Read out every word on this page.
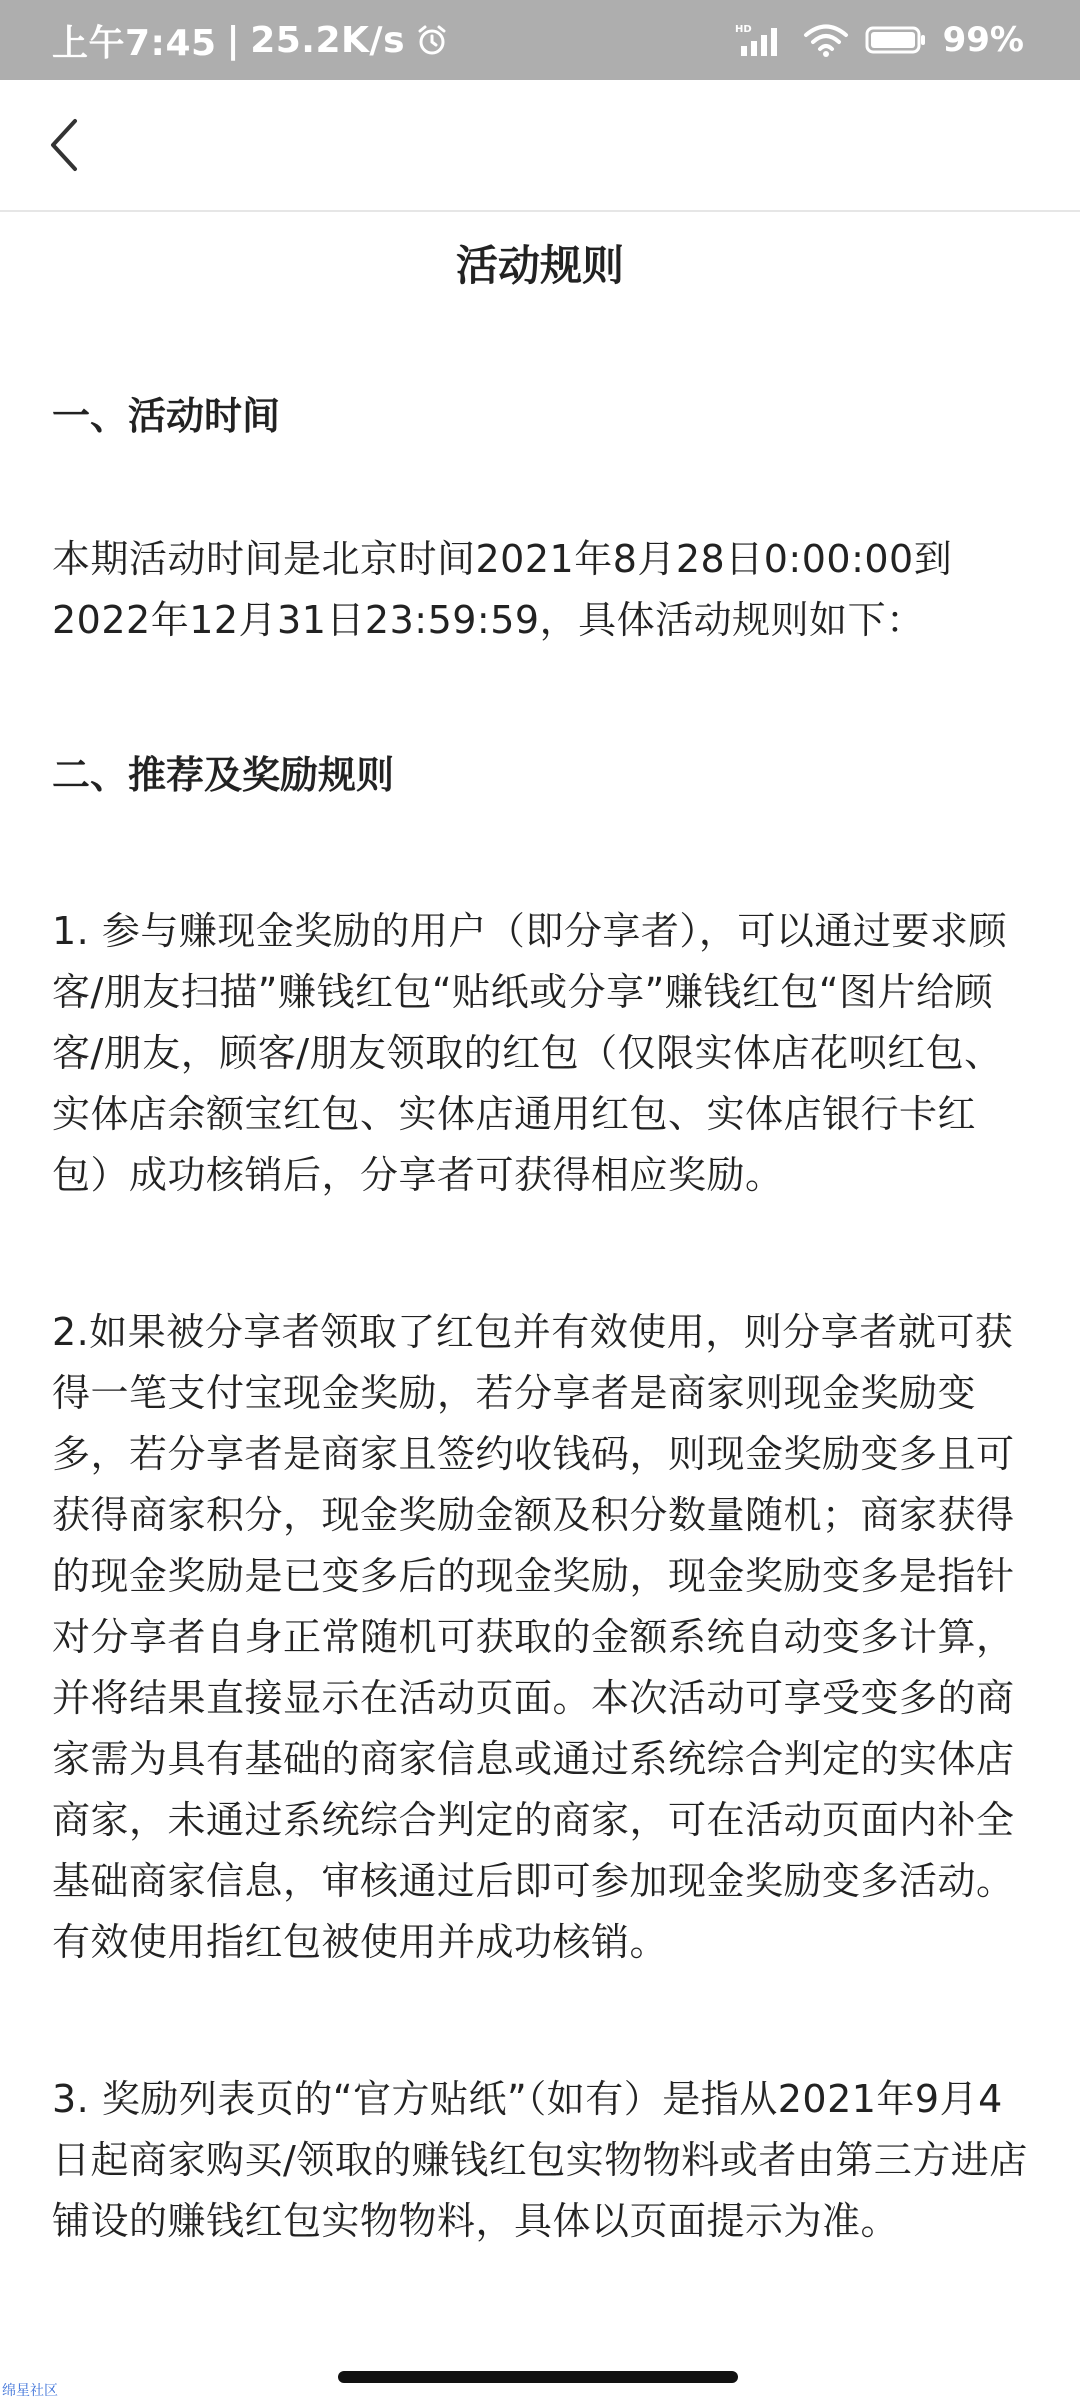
上午7:45 | 25.2K/s	HD	99%
活动规则
一、活动时间
本期活动时间是北京时间2021年8月28日0:00:00到2022年12月31日23:59:59，具体活动规则如下：
二、推荐及奖励规则
1. 参与赚现金奖励的用户（即分享者），可以通过要求顾客/朋友扫描”赚钱红包“贴纸或分享”赚钱红包“图片给顾客/朋友，顾客/朋友领取的红包（仅限实体店花呗红包、实体店余额宝红包、实体店通用红包、实体店银行卡红包）成功核销后，分享者可获得相应奖励。
2.如果被分享者领取了红包并有效使用，则分享者就可获得一笔支付宝现金奖励，若分享者是商家则现金奖励变多，若分享者是商家且签约收钱码，则现金奖励变多且可获得商家积分，现金奖励金额及积分数量随机；商家获得的现金奖励是已变多后的现金奖励，现金奖励变多是指针对分享者自身正常随机可获取的金额系统自动变多计算，并将结果直接显示在活动页面。本次活动可享受变多的商家需为具有基础的商家信息或通过系统综合判定的实体店商家，未通过系统综合判定的商家，可在活动页面内补全基础商家信息，审核通过后即可参加现金奖励变多活动。有效使用指红包被使用并成功核销。
3. 奖励列表页的“官方贴纸”（如有）是指从2021年9月4日起商家购买/领取的赚钱红包实物物料或者由第三方进店铺设的赚钱红包实物物料，具体以页面提示为准。
绵星社区
